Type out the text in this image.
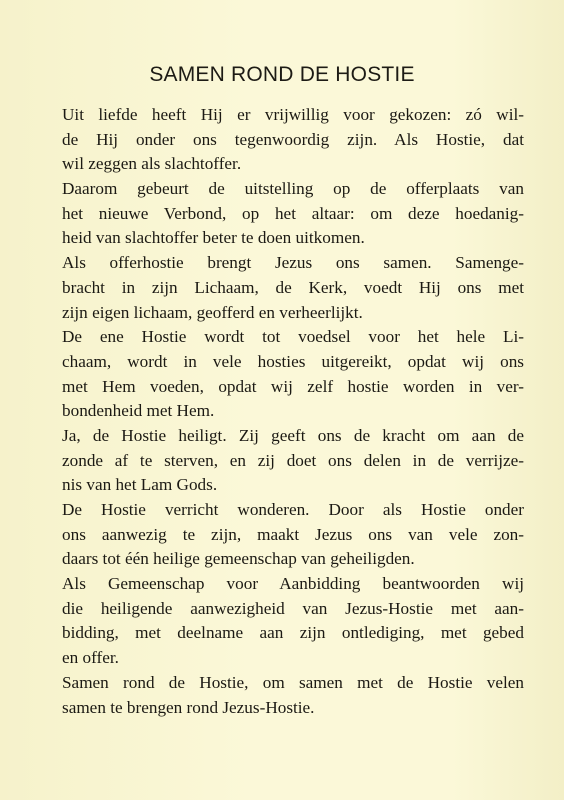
SAMEN ROND DE HOSTIE
Uit liefde heeft Hij er vrijwillig voor gekozen: zó wil-
de Hij onder ons tegenwoordig zijn. Als Hostie, dat
wil zeggen als slachtoffer.
Daarom gebeurt de uitstelling op de offerplaats van
het nieuwe Verbond, op het altaar: om deze hoedanig-
heid van slachtoffer beter te doen uitkomen.
Als offerhostie brengt Jezus ons samen. Samenge-
bracht in zijn Lichaam, de Kerk, voedt Hij ons met
zijn eigen lichaam, geofferd en verheerlijkt.
De ene Hostie wordt tot voedsel voor het hele Li-
chaam, wordt in vele hosties uitgereikt, opdat wij ons
met Hem voeden, opdat wij zelf hostie worden in ver-
bondenheid met Hem.
Ja, de Hostie heiligt. Zij geeft ons de kracht om aan de
zonde af te sterven, en zij doet ons delen in de verrijze-
nis van het Lam Gods.
De Hostie verricht wonderen. Door als Hostie onder
ons aanwezig te zijn, maakt Jezus ons van vele zon-
daars tot één heilige gemeenschap van geheiligden.
Als Gemeenschap voor Aanbidding beantwoorden wij
die heiligende aanwezigheid van Jezus-Hostie met aan-
bidding, met deelname aan zijn ontlediging, met gebed
en offer.
Samen rond de Hostie, om samen met de Hostie velen
samen te brengen rond Jezus-Hostie.
